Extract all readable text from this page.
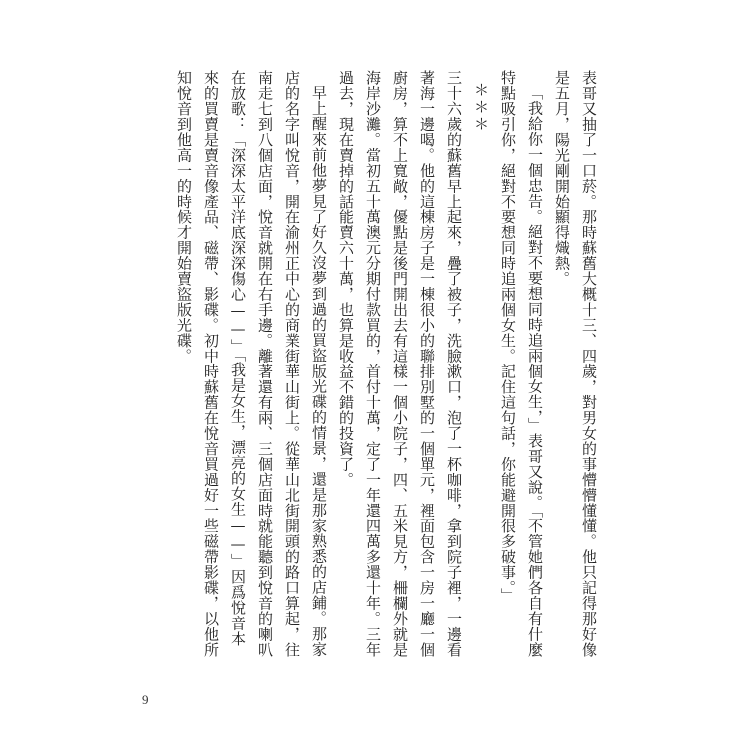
表哥又抽了一口菸。那時蘇舊大概十三、四歲，對男女的事懵懵懂懂。他只記得那好像是五月，陽光剛開始顯得熾熱。

「我給你一個忠告。絕對不要想同時追兩個女生，」表哥又說。「不管她們各自有什麼特點吸引你，絕對不要想同時追兩個女生。記住這句話，你能避開很多破事。」

＊＊＊

三十六歲的蘇舊早上起來，疊了被子，洗臉漱口，泡了一杯咖啡，拿到院子裡，一邊看著海一邊喝。他的這棟房子是一棟很小的聯排別墅的一個單元，裡面包含一房一廳一個廚房，算不上寬敞，優點是後門開出去有這樣一個小院子，四、五米見方，柵欄外就是海岸沙灘。當初五十萬澳元分期付款買的，首付十萬，定了一年還四萬多還十年。三年過去，現在賣掉的話能賣六十萬，也算是收益不錯的投資了。

早上醒來前他夢見了好久沒夢到過的買盜版光碟的情景，還是那家熟悉的店鋪。那家店的名字叫悅音，開在渝州正中心的商業街華山街上。從華山北街開頭的路口算起，往南走七到八個店面，悅音就開在右手邊。離著還有兩、三個店面時就能聽到悅音的喇叭在放歌：「深深太平洋底深深傷心——」「我是女生，漂亮的女生——」因爲悅音本來的買賣是賣音像產品、磁帶、影碟。初中時蘇舊在悅音買過好一些磁帶影碟，以他所知悅音到他高一的時候才開始賣盜版光碟。

9
